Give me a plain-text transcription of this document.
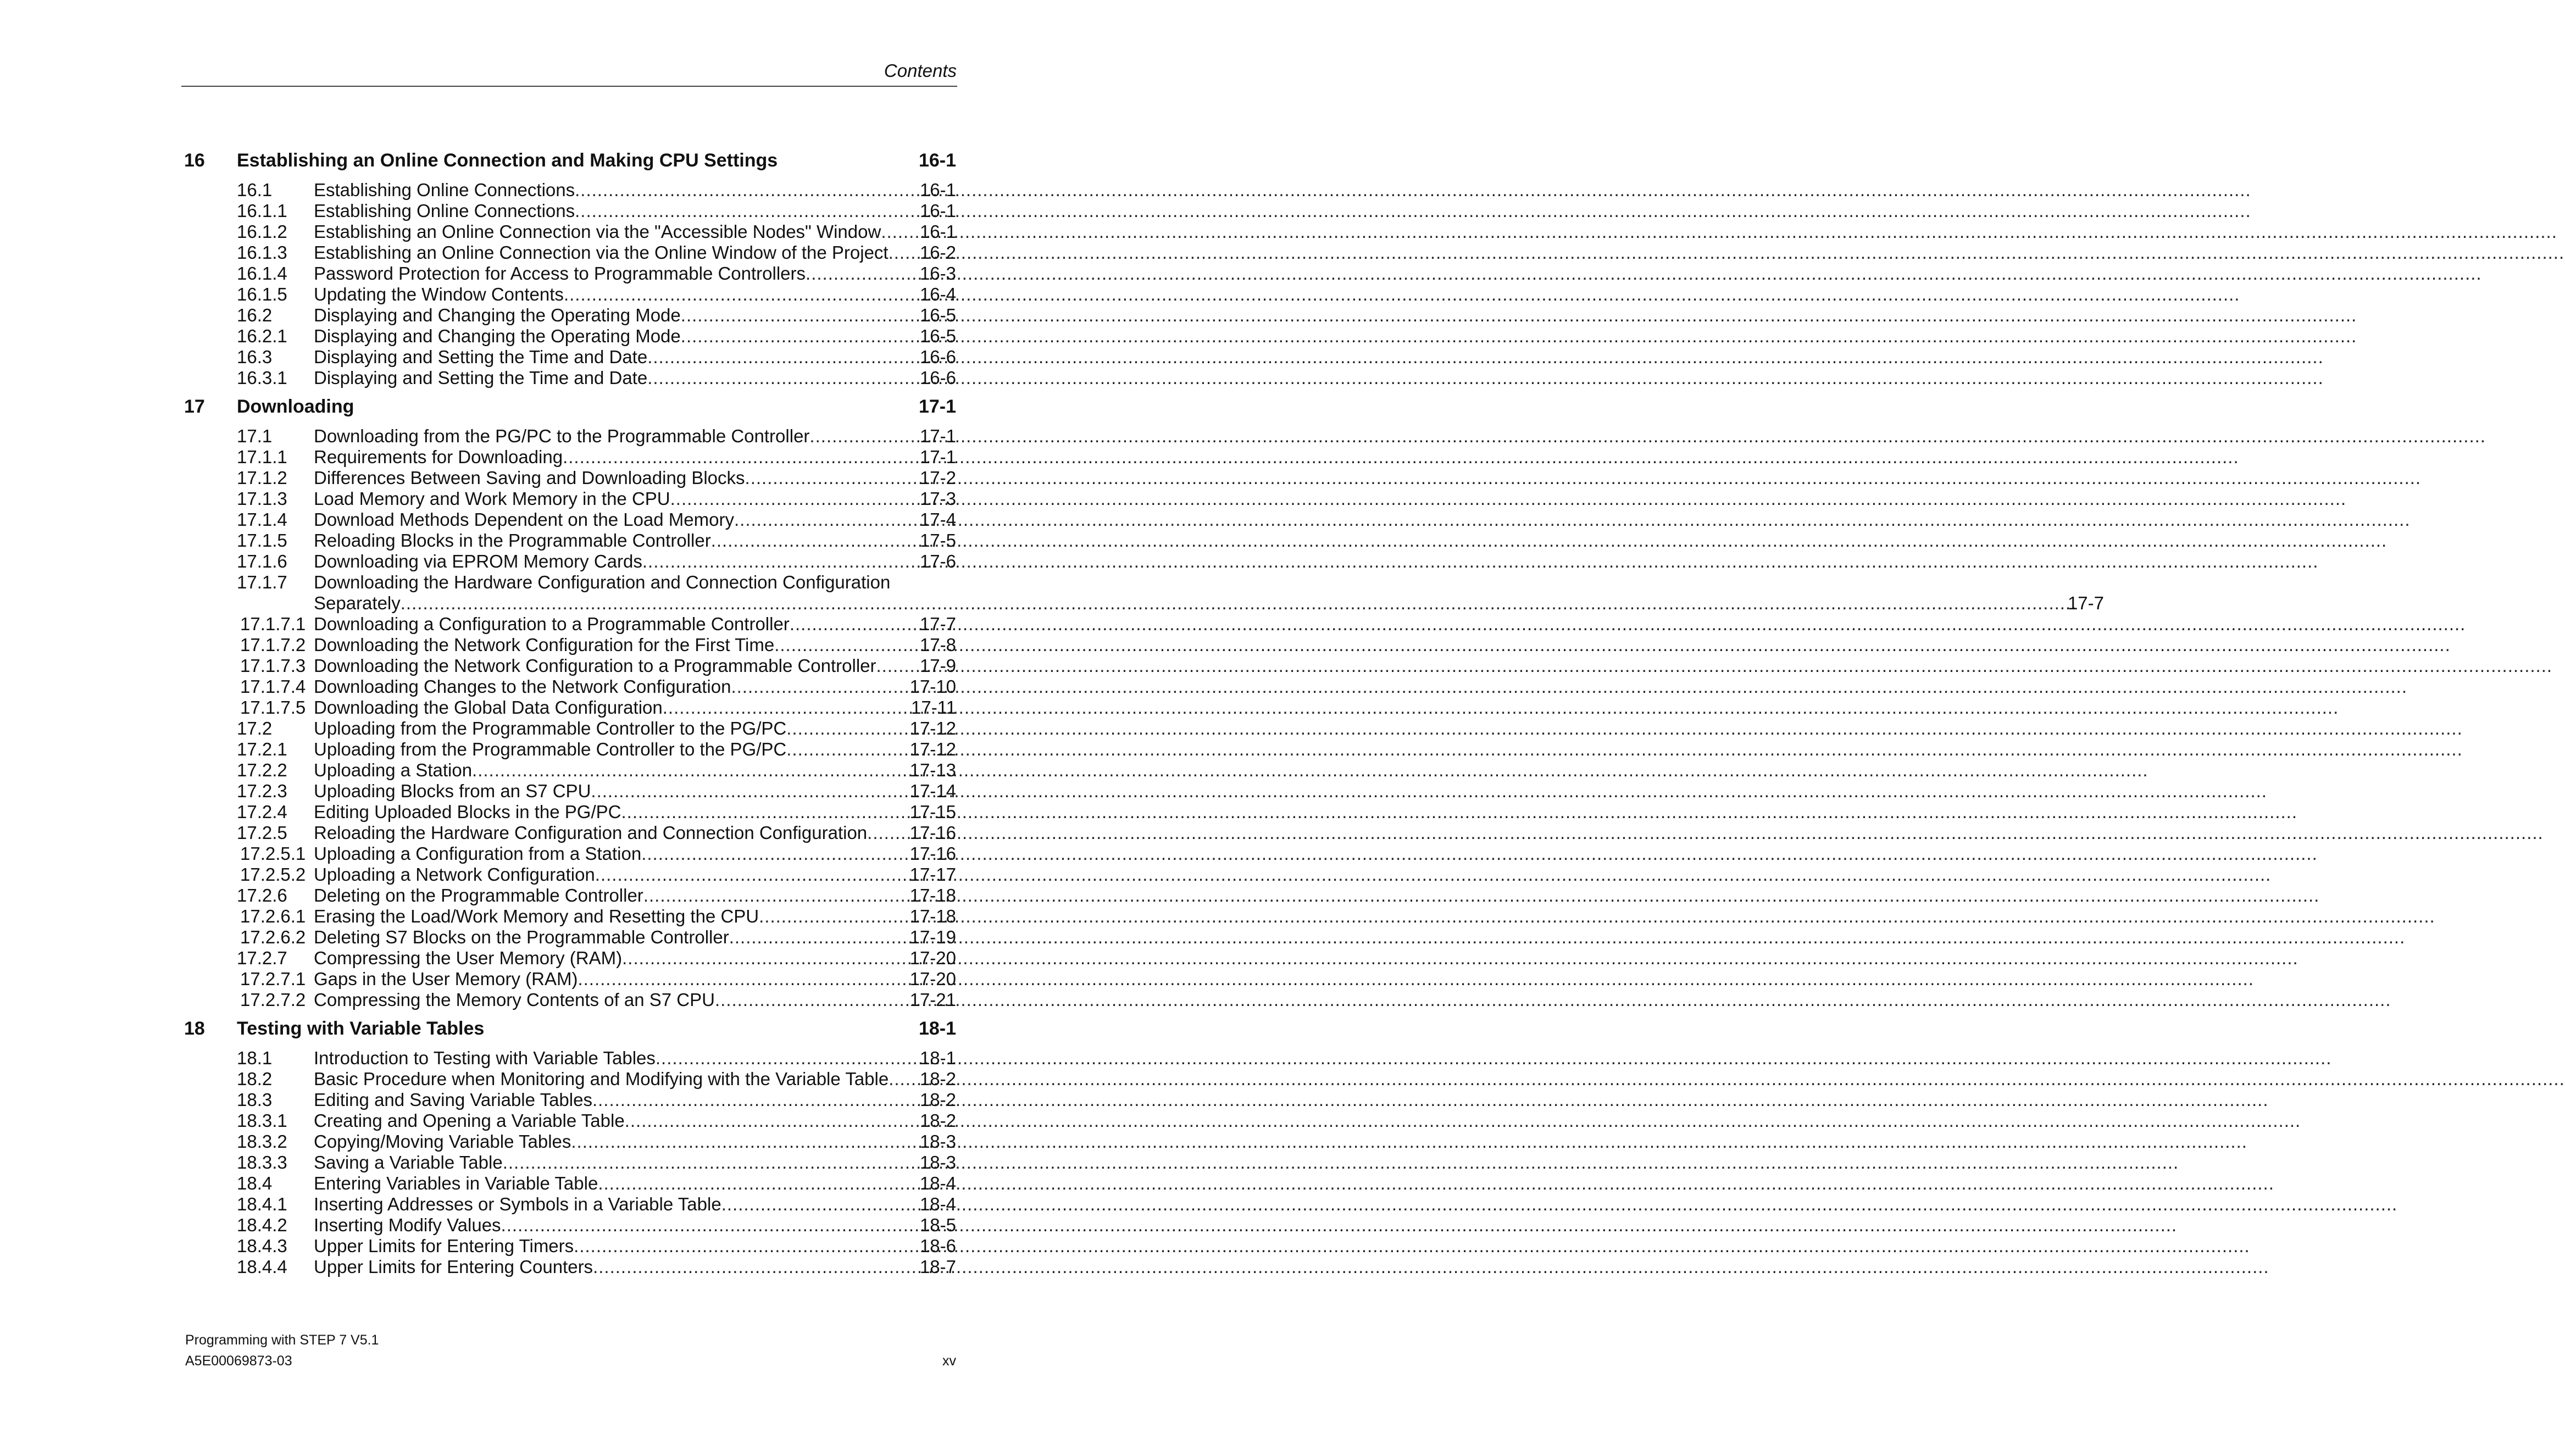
Contents
16	Establishing an Online Connection and Making CPU Settings	16-1
16.1	Establishing Online Connections .....	16-1
16.1.1	Establishing Online Connections .....	16-1
16.1.2	Establishing an Online Connection via the "Accessible Nodes" Window ..... 16-1
16.1.3	Establishing an Online Connection via the Online Window of the Project ..... 16-2
16.1.4	Password Protection for Access to Programmable Controllers .....	16-3
16.1.5	Updating the Window Contents .....	16-4
16.2	Displaying and Changing the Operating Mode .....	16-5
16.2.1	Displaying and Changing the Operating Mode .....	16-5
16.3	Displaying and Setting the Time and Date .....	16-6
16.3.1	Displaying and Setting the Time and Date .....	16-6
17	Downloading	17-1
17.1	Downloading from the PG/PC to the Programmable Controller .....	17-1
17.1.1	Requirements for Downloading .....	17-1
17.1.2	Differences Between Saving and Downloading Blocks .....	17-2
17.1.3	Load Memory and Work Memory in the CPU .....	17-3
17.1.4	Download Methods Dependent on the Load Memory .....	17-4
17.1.5	Reloading Blocks in the Programmable Controller .....	17-5
17.1.6	Downloading via EPROM Memory Cards .....	17-6
17.1.7	Downloading the Hardware Configuration and Connection Configuration
Separately .....	17-7
17.1.7.1 Downloading a Configuration to a Programmable Controller .....	17-7
17.1.7.2 Downloading the Network Configuration for the First Time .....	17-8
17.1.7.3 Downloading the Network Configuration to a Programmable Controller ..... 17-9
17.1.7.4 Downloading Changes to the Network Configuration .....	17-10
17.1.7.5 Downloading the Global Data Configuration .....	17-11
17.2	Uploading from the Programmable Controller to the PG/PC .....	17-12
17.2.1	Uploading from the Programmable Controller to the PG/PC .....	17-12
17.2.2	Uploading a Station .....	17-13
17.2.3	Uploading Blocks from an S7 CPU .....	17-14
17.2.4	Editing Uploaded Blocks in the PG/PC .....	17-15
17.2.5	Reloading the Hardware Configuration and Connection Configuration ..... 17-16
17.2.5.1 Uploading a Configuration from a Station .....	17-16
17.2.5.2 Uploading a Network Configuration .....	17-17
17.2.6	Deleting on the Programmable Controller .....	17-18
17.2.6.1 Erasing the Load/Work Memory and Resetting the CPU .....	17-18
17.2.6.2 Deleting S7 Blocks on the Programmable Controller .....	17-19
17.2.7	Compressing the User Memory (RAM) .....	17-20
17.2.7.1 Gaps in the User Memory (RAM) .....	17-20
17.2.7.2 Compressing the Memory Contents of an S7 CPU .....	17-21
18	Testing with Variable Tables	18-1
18.1	Introduction to Testing with Variable Tables .....	18-1
18.2	Basic Procedure when Monitoring and Modifying with the Variable Table ..... 18-2
18.3	Editing and Saving Variable Tables .....	18-2
18.3.1	Creating and Opening a Variable Table .....	18-2
18.3.2	Copying/Moving Variable Tables .....	18-3
18.3.3	Saving a Variable Table .....	18-3
18.4	Entering Variables in Variable Table .....	18-4
18.4.1	Inserting Addresses or Symbols in a Variable Table .....	18-4
18.4.2	Inserting Modify Values .....	18-5
18.4.3	Upper Limits for Entering Timers .....	18-6
18.4.4	Upper Limits for Entering Counters .....	18-7
Programming with STEP 7 V5.1
A5E00069873-03	xv
